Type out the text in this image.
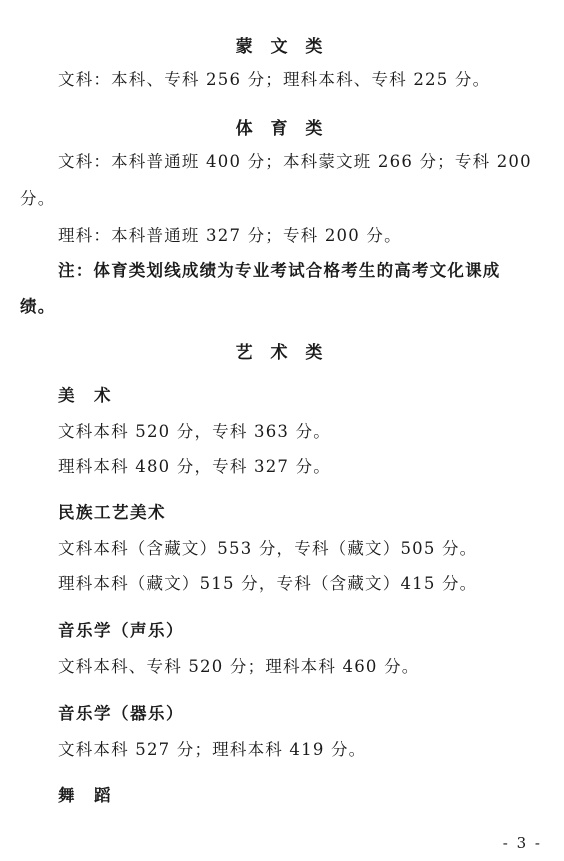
蒙 文 类
文科：本科、专科 256 分；理科本科、专科 225 分。
体 育 类
文科：本科普通班 400 分；本科蒙文班 266 分；专科 200
分。
理科：本科普通班 327 分；专科 200 分。
注：体育类划线成绩为专业考试合格考生的高考文化课成
绩。
艺 术 类
美　术
文科本科 520 分，专科 363 分。
理科本科 480 分，专科 327 分。
民族工艺美术
文科本科（含藏文）553 分，专科（藏文）505 分。
理科本科（藏文）515 分，专科（含藏文）415 分。
音乐学（声乐）
文科本科、专科 520 分；理科本科 460 分。
音乐学（器乐）
文科本科 527 分；理科本科 419 分。
舞　蹈
- 3 -
